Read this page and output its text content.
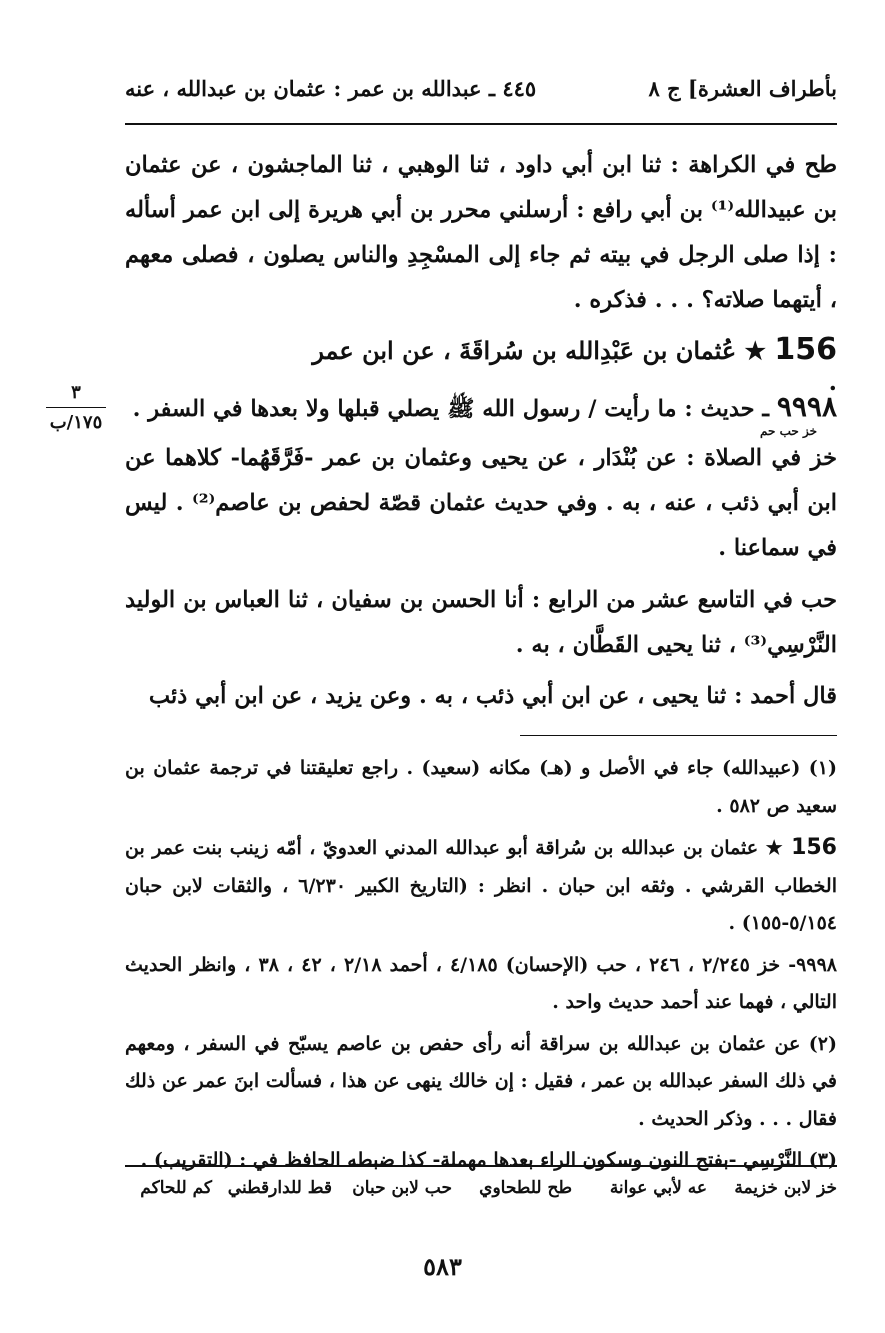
بأطراف العشرة] ج ٨
٤٤٥ ـ عبدالله بن عمر : عثمان بن عبدالله ، عنه
طح في الكراهة : ثنا ابن أبي داود ، ثنا الوهبي ، ثنا الماجشون ، عن عثمان بن عبيدالله⁽¹⁾ بن أبي رافع : أرسلني محرر بن أبي هريرة إلى ابن عمر أسأله : إذا صلى الرجل في بيته ثم جاء إلى المسْجِدِ والناس يصلون ، فصلى معهم ، أيتهما صلاته؟ . . . فذكره .
156 ★ عُثمان بن عَبْدِالله بن سُراقَةَ ، عن ابن عمر .
٣
١٧٥/ب	٩٩٩٨ ـ حديث : ما رأيت / رسول الله ﷺ يصلي قبلها ولا بعدها في السفر .
خز حب حم
خز في الصلاة : عن بُنْدَار ، عن يحيى وعثمان بن عمر -فَرَّقَهُما- كلاهما عن ابن أبي ذئب ، عنه ، به . وفي حديث عثمان قصّة لحفص بن عاصم⁽²⁾ . ليس في سماعنا .
حب في التاسع عشر من الرابع : أنا الحسن بن سفيان ، ثنا العباس بن الوليد النَّرْسِي⁽³⁾ ، ثنا يحيى القَطَّان ، به .
قال أحمد : ثنا يحيى ، عن ابن أبي ذئب ، به . وعن يزيد ، عن ابن أبي ذئب

(١) (عبيدالله) جاء في الأصل و (هـ) مكانه (سعيد) . راجع تعليقتنا في ترجمة عثمان بن سعيد ص ٥٨٢ .

156 ★ عثمان بن عبدالله بن سُراقة أبو عبدالله المدني العدويّ ، أمّه زينب بنت عمر بن الخطاب القرشي . وثقه ابن حبان . انظر : (التاريخ الكبير ٦/٢٣٠ ، والثقات لابن حبان ٥/١٥٤-١٥٥) .

٩٩٩٨- خز ٢/٢٤٥ ، ٢٤٦ ، حب (الإحسان) ٤/١٨٥ ، أحمد ٢/١٨ ، ٤٢ ، ٣٨ ، وانظر الحديث التالي ، فهما عند أحمد حديث واحد .

(٢) عن عثمان بن عبدالله بن سراقة أنه رأى حفص بن عاصم يسبّح في السفر ، ومعهم في ذلك السفر عبدالله بن عمر ، فقيل : إن خالك ينهى عن هذا ، فسألت ابنَ عمر عن ذلك فقال . . . وذكر الحديث .

(٣) النَّرْسِي -بفتح النون وسكون الراء بعدها مهملة- كذا ضبطه الحافظ في : (التقريب) .

خز لابن خزيمة
عه لأبي عوانة
طح للطحاوي
حب لابن حبان
قط للدارقطني
كم للحاكم
٥٨٣
